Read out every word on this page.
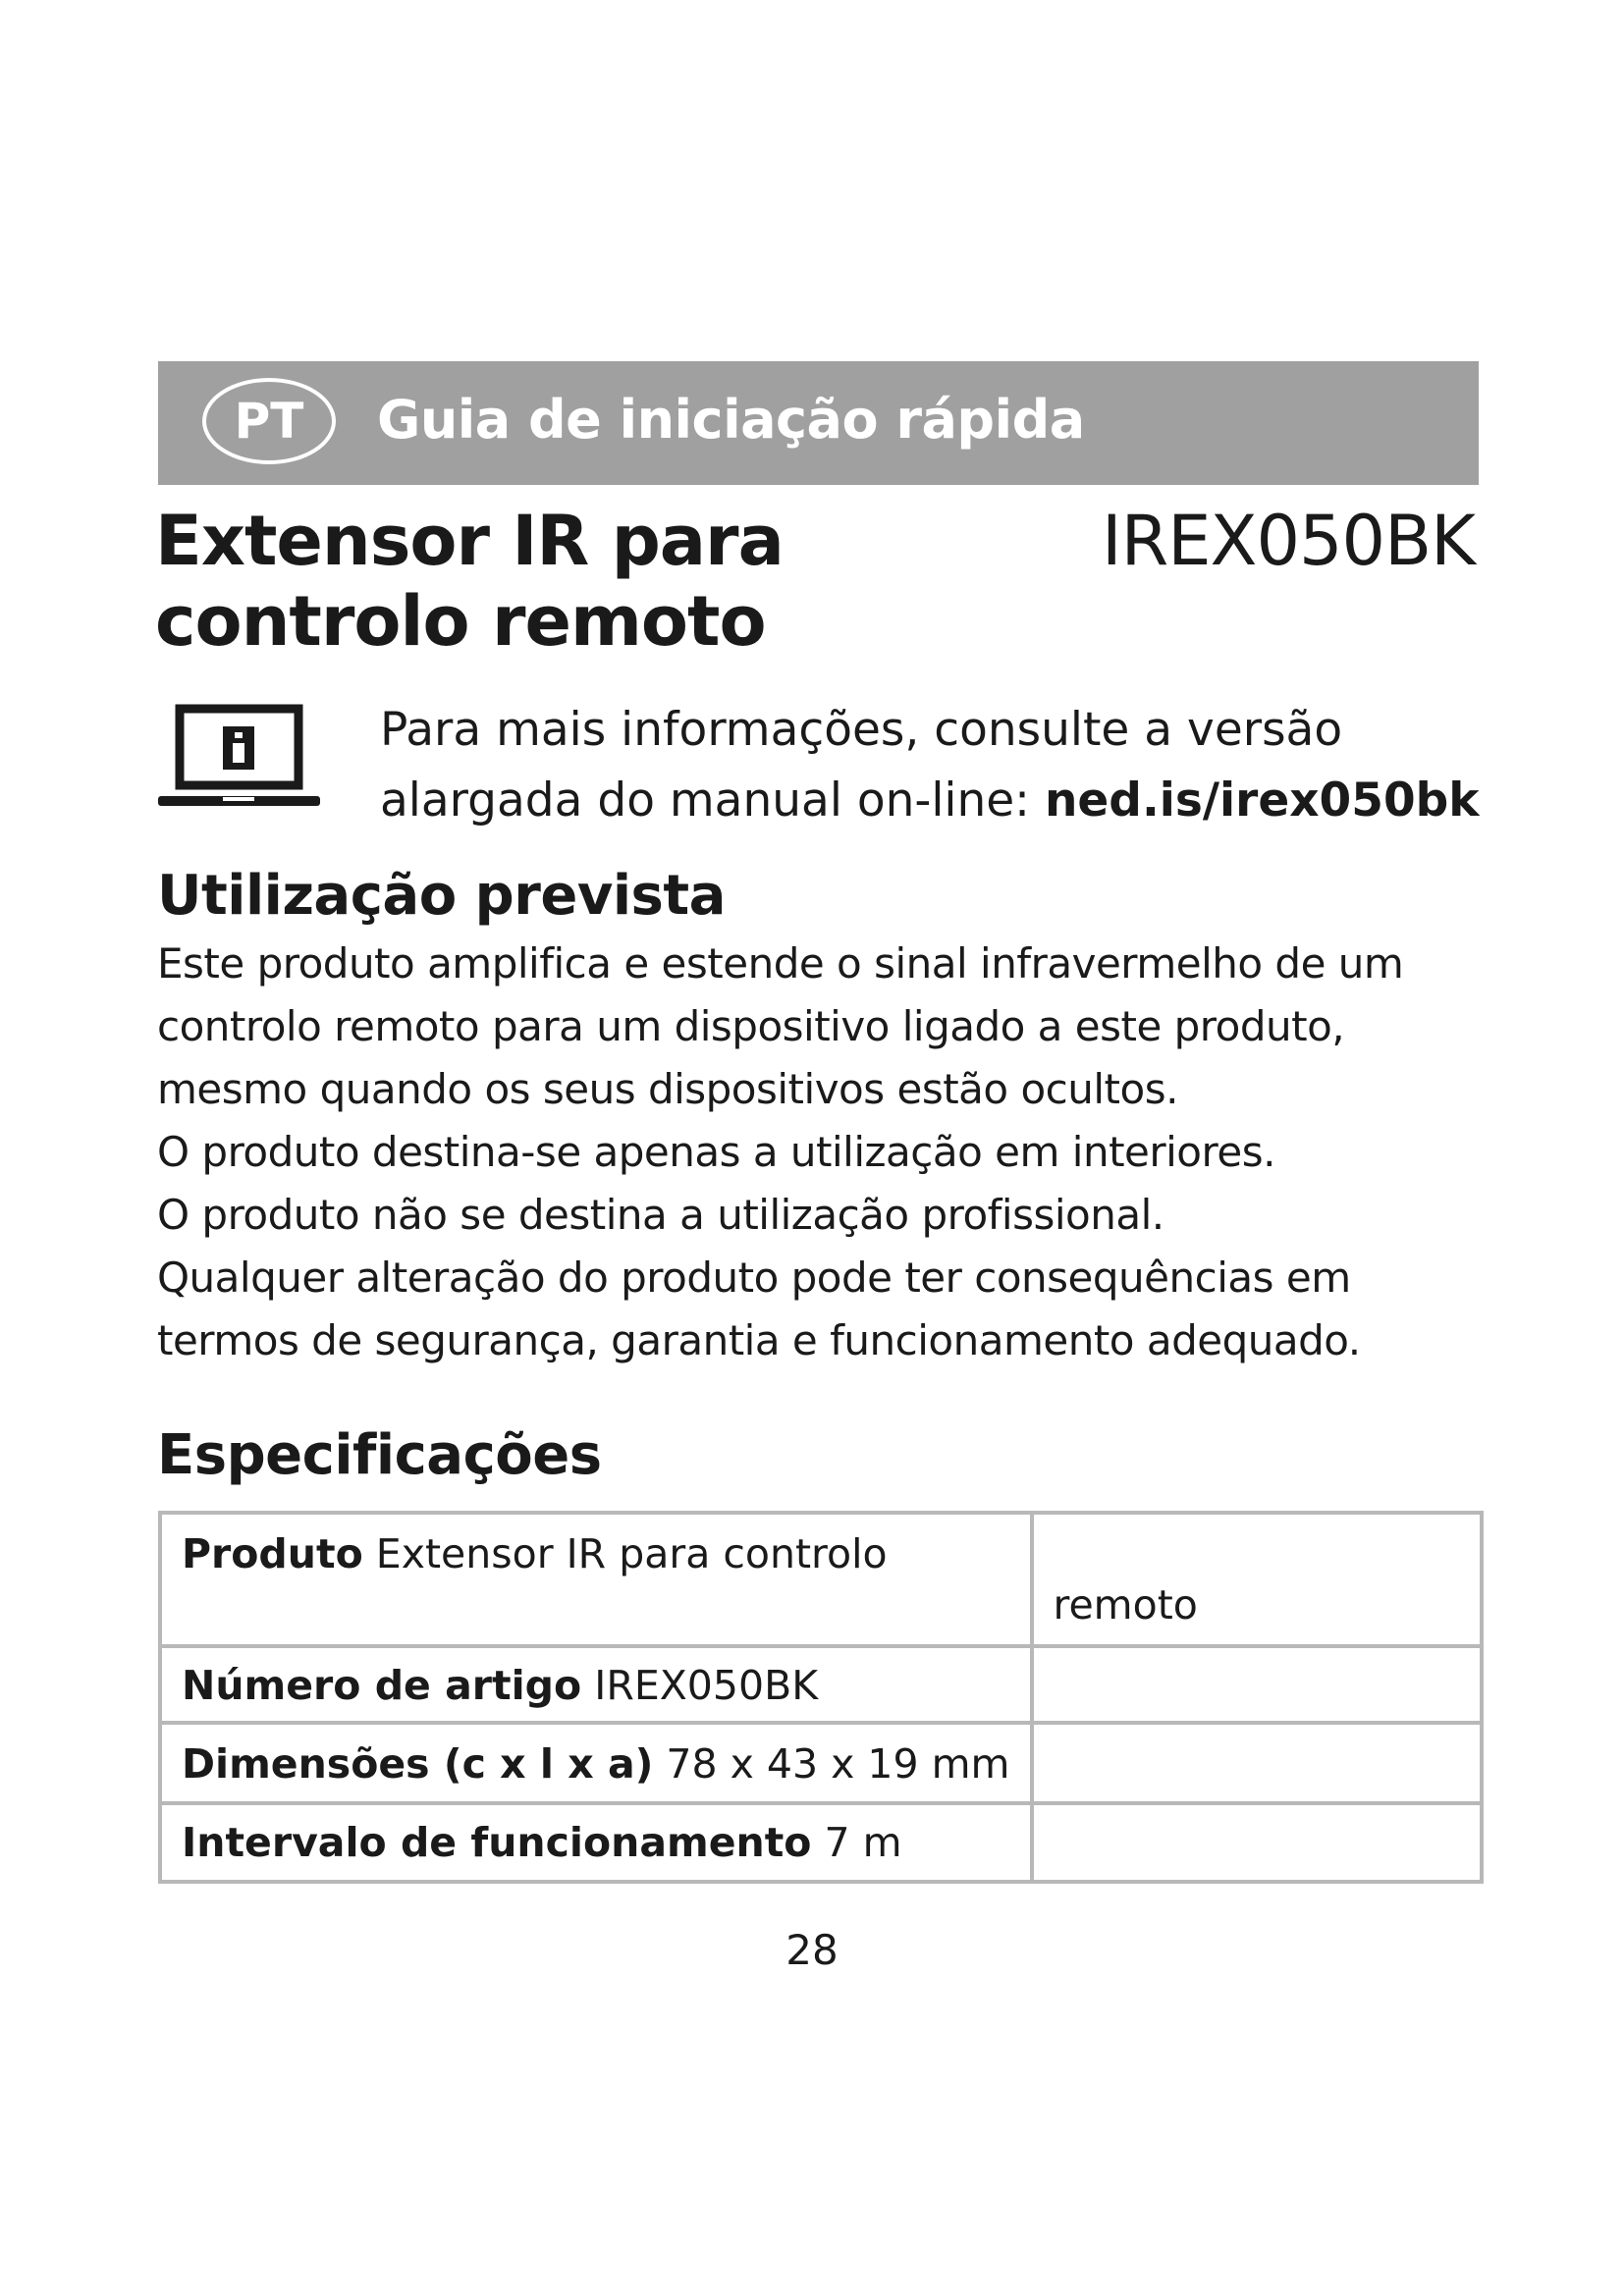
PT	Guia de iniciação rápida
Extensor IR para controlo remoto
IREX050BK
Para mais informações, consulte a versão alargada do manual on-line: ned.is/irex050bk
Utilização prevista

Este produto amplifica e estende o sinal infravermelho de um controlo remoto para um dispositivo ligado a este produto, mesmo quando os seus dispositivos estão ocultos.

O produto destina-se apenas a utilização em interiores.

O produto não se destina a utilização profissional.

Qualquer alteração do produto pode ter consequências em termos de segurança, garantia e funcionamento adequado.

Especificações
Produto Extensor IR para controlo	remoto

Número de artigo IREX050BK	

Dimensões (c x l x a) 78 x 43 x 19 mm	

Intervalo de funcionamento 7 m	

28
